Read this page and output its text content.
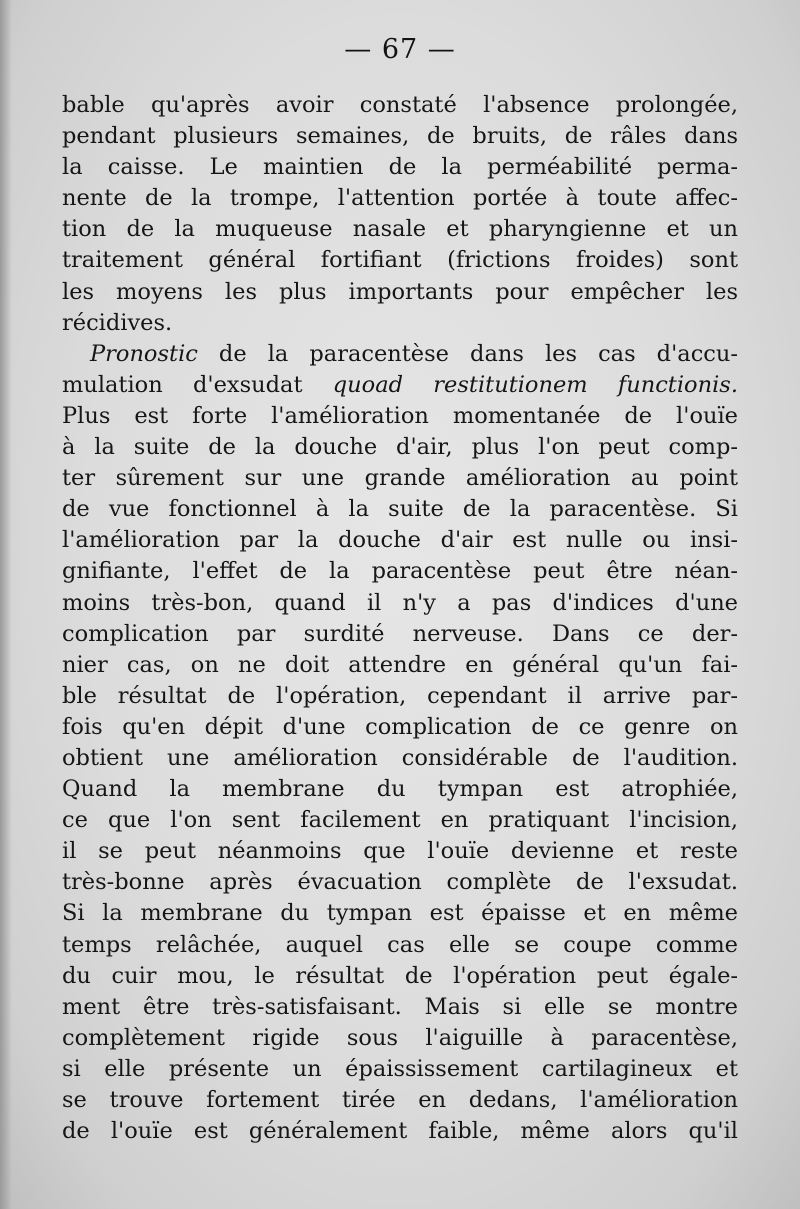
— 67 —
bable qu'après avoir constaté l'absence prolongée,
pendant plusieurs semaines, de bruits, de râles dans
la caisse. Le maintien de la perméabilité perma-
nente de la trompe, l'attention portée à toute affec-
tion de la muqueuse nasale et pharyngienne et un
traitement général fortifiant (frictions froides) sont
les moyens les plus importants pour empêcher les
récidives.
Pronostic de la paracentèse dans les cas d'accu-
mulation d'exsudat quoad restitutionem functionis.
Plus est forte l'amélioration momentanée de l'ouïe
à la suite de la douche d'air, plus l'on peut comp-
ter sûrement sur une grande amélioration au point
de vue fonctionnel à la suite de la paracentèse. Si
l'amélioration par la douche d'air est nulle ou insi-
gnifiante, l'effet de la paracentèse peut être néan-
moins très-bon, quand il n'y a pas d'indices d'une
complication par surdité nerveuse. Dans ce der-
nier cas, on ne doit attendre en général qu'un fai-
ble résultat de l'opération, cependant il arrive par-
fois qu'en dépit d'une complication de ce genre on
obtient une amélioration considérable de l'audition.
Quand la membrane du tympan est atrophiée,
ce que l'on sent facilement en pratiquant l'incision,
il se peut néanmoins que l'ouïe devienne et reste
très-bonne après évacuation complète de l'exsudat.
Si la membrane du tympan est épaisse et en même
temps relâchée, auquel cas elle se coupe comme
du cuir mou, le résultat de l'opération peut égale-
ment être très-satisfaisant. Mais si elle se montre
complètement rigide sous l'aiguille à paracentèse,
si elle présente un épaississement cartilagineux et
se trouve fortement tirée en dedans, l'amélioration
de l'ouïe est généralement faible, même alors qu'il
